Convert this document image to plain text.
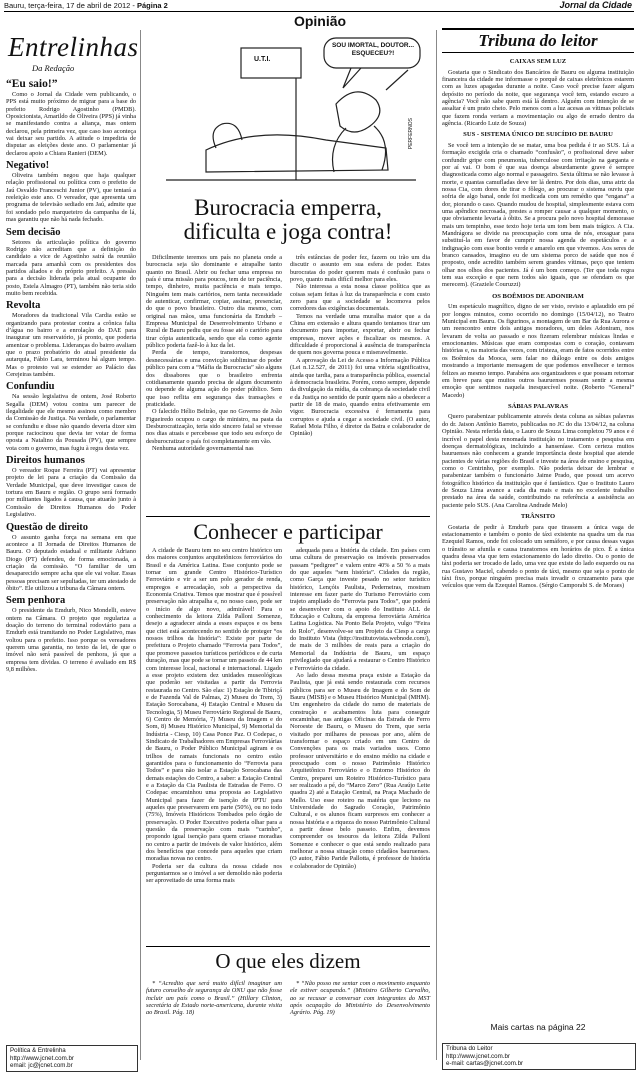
Bauru, terça-feira, 17 de abril de 2012 - Página 2	Jornal da Cidade
Opinião
Entrelinhas
Da Redação
“Eu saio!”

Como o Jornal da Cidade vem publicando, o PPS está muito próximo de migrar para a base do prefeito Rodrigo Agostinho (PMDB). Oposicionista, Amarildo de Oliveira (PPS) já vinha se manifestando contra a aliança, mas ontem declarou, pela primeira vez, que caso isso aconteça vai deixar seu partido. A atitude o impediria de disputar as eleições deste ano. O parlamentar já declarou apoio a Chiara Ranieri (DEM).

Negativo!

Oliveira também negou que haja qualquer relação profissional ou política com o prefeito de Jaú Osvaldo Franceschi Junior (PV), que tentará a reeleição este ano. O vereador, que apresenta um programa de televisão sediado em Jaú, admite que foi sondado pelo marqueteiro da campanha de lá, mas garantiu que não há nada fechado.

Sem decisão

Setores da articulação política do governo Rodrigo não acreditam que a definição do candidato a vice de Agostinho sairá da reunião marcada para amanhã com os presidentes dos partidos aliados e do próprio prefeito. A pressão para a decisão liderada pela atual ocupante do posto, Estela Almagro (PT), também não teria sido muito bem recebida.

Revolta

Moradores da tradicional Vila Cardia estão se organizando para protestar contra a crônica falta d’água no bairro e a enrolação do DAE para inaugurar um reservatório, já pronto, que poderia amenizar o problema. Lideranças do bairro avaliam que o prazo probatório do atual presidente da autarquia, Fábio Lara, terminou há algum tempo. Mas o protesto vai se estender ao Palácio das Cerejeiras também.

Confundiu

Na sessão legislativa de ontem, José Roberto Segalla (DEM) votou contra um parecer de ilegalidade que ele mesmo assinou como membro da Comissão de Justiça. Na verdade, o parlamentar se confundiu e disse não quando deveria dizer sim porque raciocinou que devia ter votar de forma oposta a Natalino da Pousada (PV), que sempre vota com o governo, mas fugiu à regra desta vez.

Direitos humanos

O vereador Roque Ferreira (PT) vai apresentar projeto de lei para a criação da Comissão da Verdade Municipal, que deve investigar casos de tortura em Bauru e região. O grupo será formado por militantes ligados à causa, que atuarão junto à Comissão de Direitos Humanos do Poder Legislativo.

Questão de direito

O assunto ganha força na semana em que acontece a II Jornada de Direitos Humanos de Bauru. O deputado estadual e militante Adriano Diogo (PT) defendeu, de forma emocionada, a criação da comissão. “O familiar de um desaparecido sempre acha que ele vai voltar. Essas pessoas precisam ser sepultadas, ter um atestado de óbito”. Ele utilizou a tribuna da Câmara ontem.

Sem penhora

O presidente da Emdurb, Nico Mondelli, esteve ontem na Câmara. O projeto que regulariza a doação do terreno do terminal rodoviário para a Emdurb está tramitando no Poder Legislativo, mas voltou para o prefeito. Isso porque os vereadores querem uma garantia, no texto da lei, de que o imóvel não será passível de penhora, já que a empresa tem dívidas. O terreno é avaliado em R$ 9,8 milhões.

Política & Entrelinha
http://www.jcnet.com.br
email: jc@jcnet.com.br
U.T.I.
SOU IMORTAL, DOUTOR... ESQUECEU?!
PERFERNOS
Burocracia emperra,
dificulta e joga contra!

Dificilmente teremos um país no planeta onde a burocracia seja tão dominante e atrapalhe tanto quanto no Brasil. Abrir ou fechar uma empresa no país é uma missão para poucos, tem de ter paciência, tempo, dinheiro, muita paciência e mais tempo. Ninguém tem mais cartórios, nem tanta necessidade de autenticar, confirmar, copiar, assinar, presenciar, do que o povo brasileiro. Outro dia mesmo, com original nas mãos, uma funcionária da Emdurb – Empresa Municipal de Desenvolvimento Urbano e Rural de Bauru pediu que eu fosse até o cartório para tirar cópia autenticada, sendo que ela como agente público poderia fazê-lo à luz da lei.

Perda de tempo, transtornos, despesas desnecessárias e uma convicção subliminar do poder público para com a “Máfia da Burocracia” são alguns dos dissabores que o brasileiro enfrenta cotidianamente quando precisa de algum documento ou depende de alguma ação do poder público. Sem que isso reflita em segurança das transações e praticidade.

O falecido Hélio Beltrão, que no Governo de João Figueiredo ocupou o cargo de ministro, na pasta da Desburocratização, teria sido sincero fatal se vivesse nos dias atuais e percebesse que todo seu esforço de desburocratizar o país foi completamente em vão.

Nenhuma autoridade governamental nas

três estâncias de poder fez, fazem ou irão um dia discutir o assunto em sua esfera de poder. Estes burocratas do poder querem mais é confusão para o povo, quanto mais difícil melhor para eles.

Não interessa a esta nossa classe política que as coisas sejam feitas à luz da transparência e com custo zero para que a sociedade se locomova pelos corredores das exigências documentais.

Temos na verdade uma muralha maior que a da China em extensão e altura quando tentamos tirar um documento para importar, exportar, abrir ou fechar empresas, mover ações e fiscalizar os mesmos. A dificuldade é proporcional à ausência de transparência de quem nos governa pouca e miseravelmente.

A aprovação da Lei de Acesso a Informação Pública (Lei n.12.527, de 2011) foi uma vitória significativa, ainda que tardia, para a transparência pública, essencial à democracia brasileira. Porém, como sempre, depende da divulgação da mídia, da cobrança da sociedade civil e da Justiça no sentido de punir quem não a obedecer a partir de 18 de maio, quando entra efetivamente em vigor. Burocracia excessiva é ferramenta para corruptos e ajuda a cegar a sociedade civil. (O autor, Rafael Moia Filho, é diretor da Batra e colaborador de Opinião)

Conhecer e participar

A cidade de Bauru tem no seu centro histórico um dos maiores conjuntos arquitetônicos ferroviários do Brasil e da América Latina. Esse conjunto pode se tornar um grande Centro Histórico-Turístico Ferroviário e vir a ser um polo gerador de renda, empregos e arrecadação, sob a perspectiva da Economia Criativa. Temos que mostrar que é possível preservação não atrapalha e, no nosso caso, pode ser o início de algo novo, admirável! Para o conhecimento da leitora Zilda Palloni Somenze, desejo a agradecer ainda a esses espaços e os bens que citei está acontecendo no sentido de proteger “os nossos trilhos da história”: Existe por parte de prefeitura o Projeto chamado “Ferrovia para Todos”, que promove passeios turísticos periódicos e de curta duração, mas que pode se tornar um passeio de 44 km com interesse local, nacional e internacional. Ligado a esse projeto existem dez unidades museológicas que poderão ser visitadas a partir da Ferrovia restaurada no Centro. São elas: 1) Estação de Tibiriçá e de Fazenda Val de Palmas, 2) Museu do Trem, 3) Estação Sorocabana, 4) Estação Central e Museu da Tecnologia, 5) Museu Ferroviário Regional de Bauru, 6) Centro de Memória, 7) Museu da Imagem e do Som, 8) Museu Histórico Municipal, 9) Memorial da Indústria - Ciesp, 10) Casa Ponce Paz. O Codepac, o Sindicato de Trabalhadores em Empresas Ferroviárias de Bauru, o Poder Público Municipal agiram e os trilhos de ramais funcionais no centro estão garantidos para o funcionamento do “Ferrovia para Todos” e para não isolar a Estação Sorocabana das demais estações do Centro, a saber: a Estação Central e a Estação da Cia Paulista de Estradas de Ferro. O Codepac encaminhou uma proposta ao Legislativo Municipal para fazer de isenção de IPTU para aqueles que preservarem em parte (50%), ou no todo (75%), Imóveis Históricos Tombados pelo órgão de preservação. O Poder Executivo poderia olhar para a questão da preservação com mais “carinho”, propondo igual isenção para quem criasse moradias no centro a partir de imóveis de valor histórico, além dos benefícios que concede para aqueles que criam moradias novas no centro.

Poderia ser da cultura da nossa cidade nos perguntarmos se o imóvel a ser demolido não poderia ser aproveitado de uma forma mais

adequada para a história da cidade. Em países com uma cultura de preservação os imóveis preservados passam “pedigree” e valem entre 40% a 50 % a mais do que aqueles “sem história”. Cidades da região, como Garça que investe pesado no setor turístico histórico, Lençóis Paulista, Pederneiras, mostram interesse em fazer parte do Turismo Ferroviário com trajeto ampliado do “Ferrovia para Todos”, que poderá se desenvolver com o apoio do Instituto ALL de Educação e Cultura, da empresa ferroviária América Latina Logística. Na Ponto Bela Projeto, vulgo “Feira do Rolo”, desenvolve-se um Projeto da Ciesp a cargo do Instituto Vista (http://institutovista.webnode.com/), de mais de 3 milhões de reais para a criação do Memorial da Indústria de Bauru, um espaço privilegiado que ajudará a restaurar o Centro Histórico e Ferroviário da cidade.

Ao lado dessa mesma praça existe a Estação da Paulista, que já está sendo restaurada com recursos públicos para ser o Museu de Imagem e do Som de Bauru (MISB) e o Museu Histórico Municipal (MHM). Um engenheiro da cidade do ramo de materiais de construção e acabamentos luta para conseguir encaminhar, nas antigas Oficinas da Estrada de Ferro Noroeste de Bauru, o Museu do Trem, que seria visitado por milhares de pessoas por ano, além de transformar o espaço criado em um Centro de Convenções para os mais variados usos. Como professor universitário e do ensino médio na cidade e preocupado com o nosso Patrimônio Histórico Arquitetônico Ferroviário e o Entorno Histórico do Centro, preparei um Roteiro Histórico-Turístico para ser realizado a pé, do “Marco Zero” (Rua Araújo Leite quadra 2) até a Estação Central, na Praça Machado de Mello. Uso esse roteiro na matéria que leciono na Universidade do Sagrado Coração, Patrimônio Cultural, e os alunos ficam surpresos em conhecer a nossa história e a riqueza do nosso Patrimônio Cultural a partir desse belo passeio. Enfim, devemos compreender os tesouros da leitora Zilda Palloni Somenze e conhecer o que está sendo realizado para melhorar a nossa situação como cidadãos bauruenses. (O autor, Fábio Paride Pallotta, é professor de história e colaborador de Opinião)

O que eles dizem

* “Acredito que será muito difícil imaginar um futuro conselho de segurança da ONU que não fosse incluir um país como o Brasil.” (Hillary Clinton, secretária de Estado norte-americana, durante visita ao Brasil. Pág. 18)

* “Não posso me sentar com o movimento enquanto ele estiver ocupando.” (Ministro Gilberto Carvalho, ao se recusar a conversar com integrantes do MST após ocupação do Ministério do Desenvolvimento Agrário. Pág. 19)

Tribuna do leitor
CAIXAS SEM LUZ

Gostaria que o Sindicato dos Bancários de Bauru ou alguma instituição financeira da cidade me informasse o porquê de caixas eletrônicos estarem com as luzes apagadas durante a noite. Caso você precise fazer algum depósito no período da noite, que segurança você tem, estando escuro a agência? Você não sabe quem está lá dentro. Alguém com intenção de se assaltar é um prato cheio. Pelo menos com a luz acesas as vítimas policiais que fazem ronda veriam a movimentação ou algo de errado dentro da agência. (Ricardo Luiz de Souza)

SUS - SISTEMA ÚNICO DE SUICÍDIO DE BAURU

Se você tem a intenção de se matar, uma boa pedida é ir ao SUS. Lá a formação excigida cria o chamado “confusão”, o profissional deve saber confundir gripe com pneumonia, tuberculose com irritação na garganta e por aí vai. O bom é que sua doença absurdamente grave é sempre diagnosticada como algo normal e passageiro. Sexta última se não levasse à morte, e quantas camufladas deve ter lá dentro. Por dois dias, uma atriz da nossa Cia, com dores de tirar o fôlego, ao procurar o sistema ouviu que sofria de algo banal, onde foi medicada com um remédio que “engana” a dor, piorando o caso. Quando mudou de hospital, simplesmente estava com uma apêndice necrosada, prestes a romper causar a qualquer momento, o que obviamente levaria à óbito. Se a procura pelo novo hospital demorasse mais um tempinho, esse texto hoje teria um tom bem mais trágico. A Cia. Mandrágora se divide na preocupação com uma de nós, enxaguar para substituí-la em favor de cumprir nossa agenda de espetáculos e a indignação com esse bonito verde e amarelo em que vivemos. Aos seres de branco cansados, imagino eu de um sistema porco de saúde que nos é proposto, onde acredito também serem grandes vítimas, peço que tentem olhar nos olhos dos pacientes. Já é um bom começo. (Ter que toda regra tem sua exceção e que nem todos são iguais, que se ofendam os que merecem). (Graziele Couruzzi)

OS BOÊMIOS DE ADONIRAM

Um espetáculo magnífico, digno de ser visto, revisto e aplaudido em pé por longos minutos, como ocorrido no domingo (15/04/12), no Teatro Municipal em Bauru. Os figurinos, a montagem de um Bar da Rua Aurora e um reencontro entre dois antigos moradores, um deles Adoniram, nos levaram de volta ao passado e nos fizeram relembrar músicas lindas e emocionantes. Músicas que eram compostas com o coração, contavam histórias e, na maioria das vezes, com tristeza, eram de fatos ocorridos entre os Boêmios da Mooca, sem falar no diálogo entre os dois amigos mostrando a importante mensagem de que podemos envelhecer e termos felizes ao mesmo tempo. Parabéns aos organizadores e que possam retornar em breve para que muitos outros bauruenses possam sentir a mesma emoção que sentimos naquela inesquecível noite. (Roberto “General” Macedo)

SÁBIAS PALAVRAS

Quero parabenizar publicamente através desta coluna as sábias palavras do dr. Jaison Antônio Barreto, publicadas no JC do dia 13/04/12, na coluna Opinião. Nesta referida data, o Lauro de Souza Lima completou 79 anos e é incrível o papel desta renomada instituição no tratamento e pesquisa em doenças dermatológicas, incluindo a hanseníase. Com certeza muitos bauruenses não conhecem a grande importância deste hospital que atende pacientes de várias regiões do Brasil e investe na área de ensino e pesquisa, como o Centrinho, por exemplo. Não poderia deixar de lembrar e parabenizar também o funcionário Jaime Prado, que possui um acervo fotográfico histórico da instituição que é fantástico. Que o Instituto Lauro de Souza Lima avance a cada dia mais e mais no excelente trabalho prestado na área da saúde, contribuindo na referência a assistência ao paciente pelo SUS. (Ana Carolina Andrade Melo)

TRÂNSITO

Gostaria de pedir à Emdurb para que tirassem a única vaga de estacionamento e também o ponto de táxi existente na quadra um da rua Ezequiel Ramos, onde foi colocado um semáforo, e por causa dessas vagas o trânsito se afunila e causa transtornos em horários de pico. É a única quadra dessa via que tem estacionamento do lado direito. Ou o ponto de táxi poderia ser trocado de lado, uma vez que existe do lado esquerdo ou na rua Gustavo Maciel, cabendo o ponto de táxi, mesmo que seja o ponto de táxi fixo, porque ninguém precisa mais invadir o cruzamento para que veículos que vem da Ezequiel Ramos. (Sérgio Camporabi S. de Moraes)

Mais cartas na página 22
Tribuna do Leitor
http://www.jcnet.com.br
e-mail: cartas@jcnet.com.br
